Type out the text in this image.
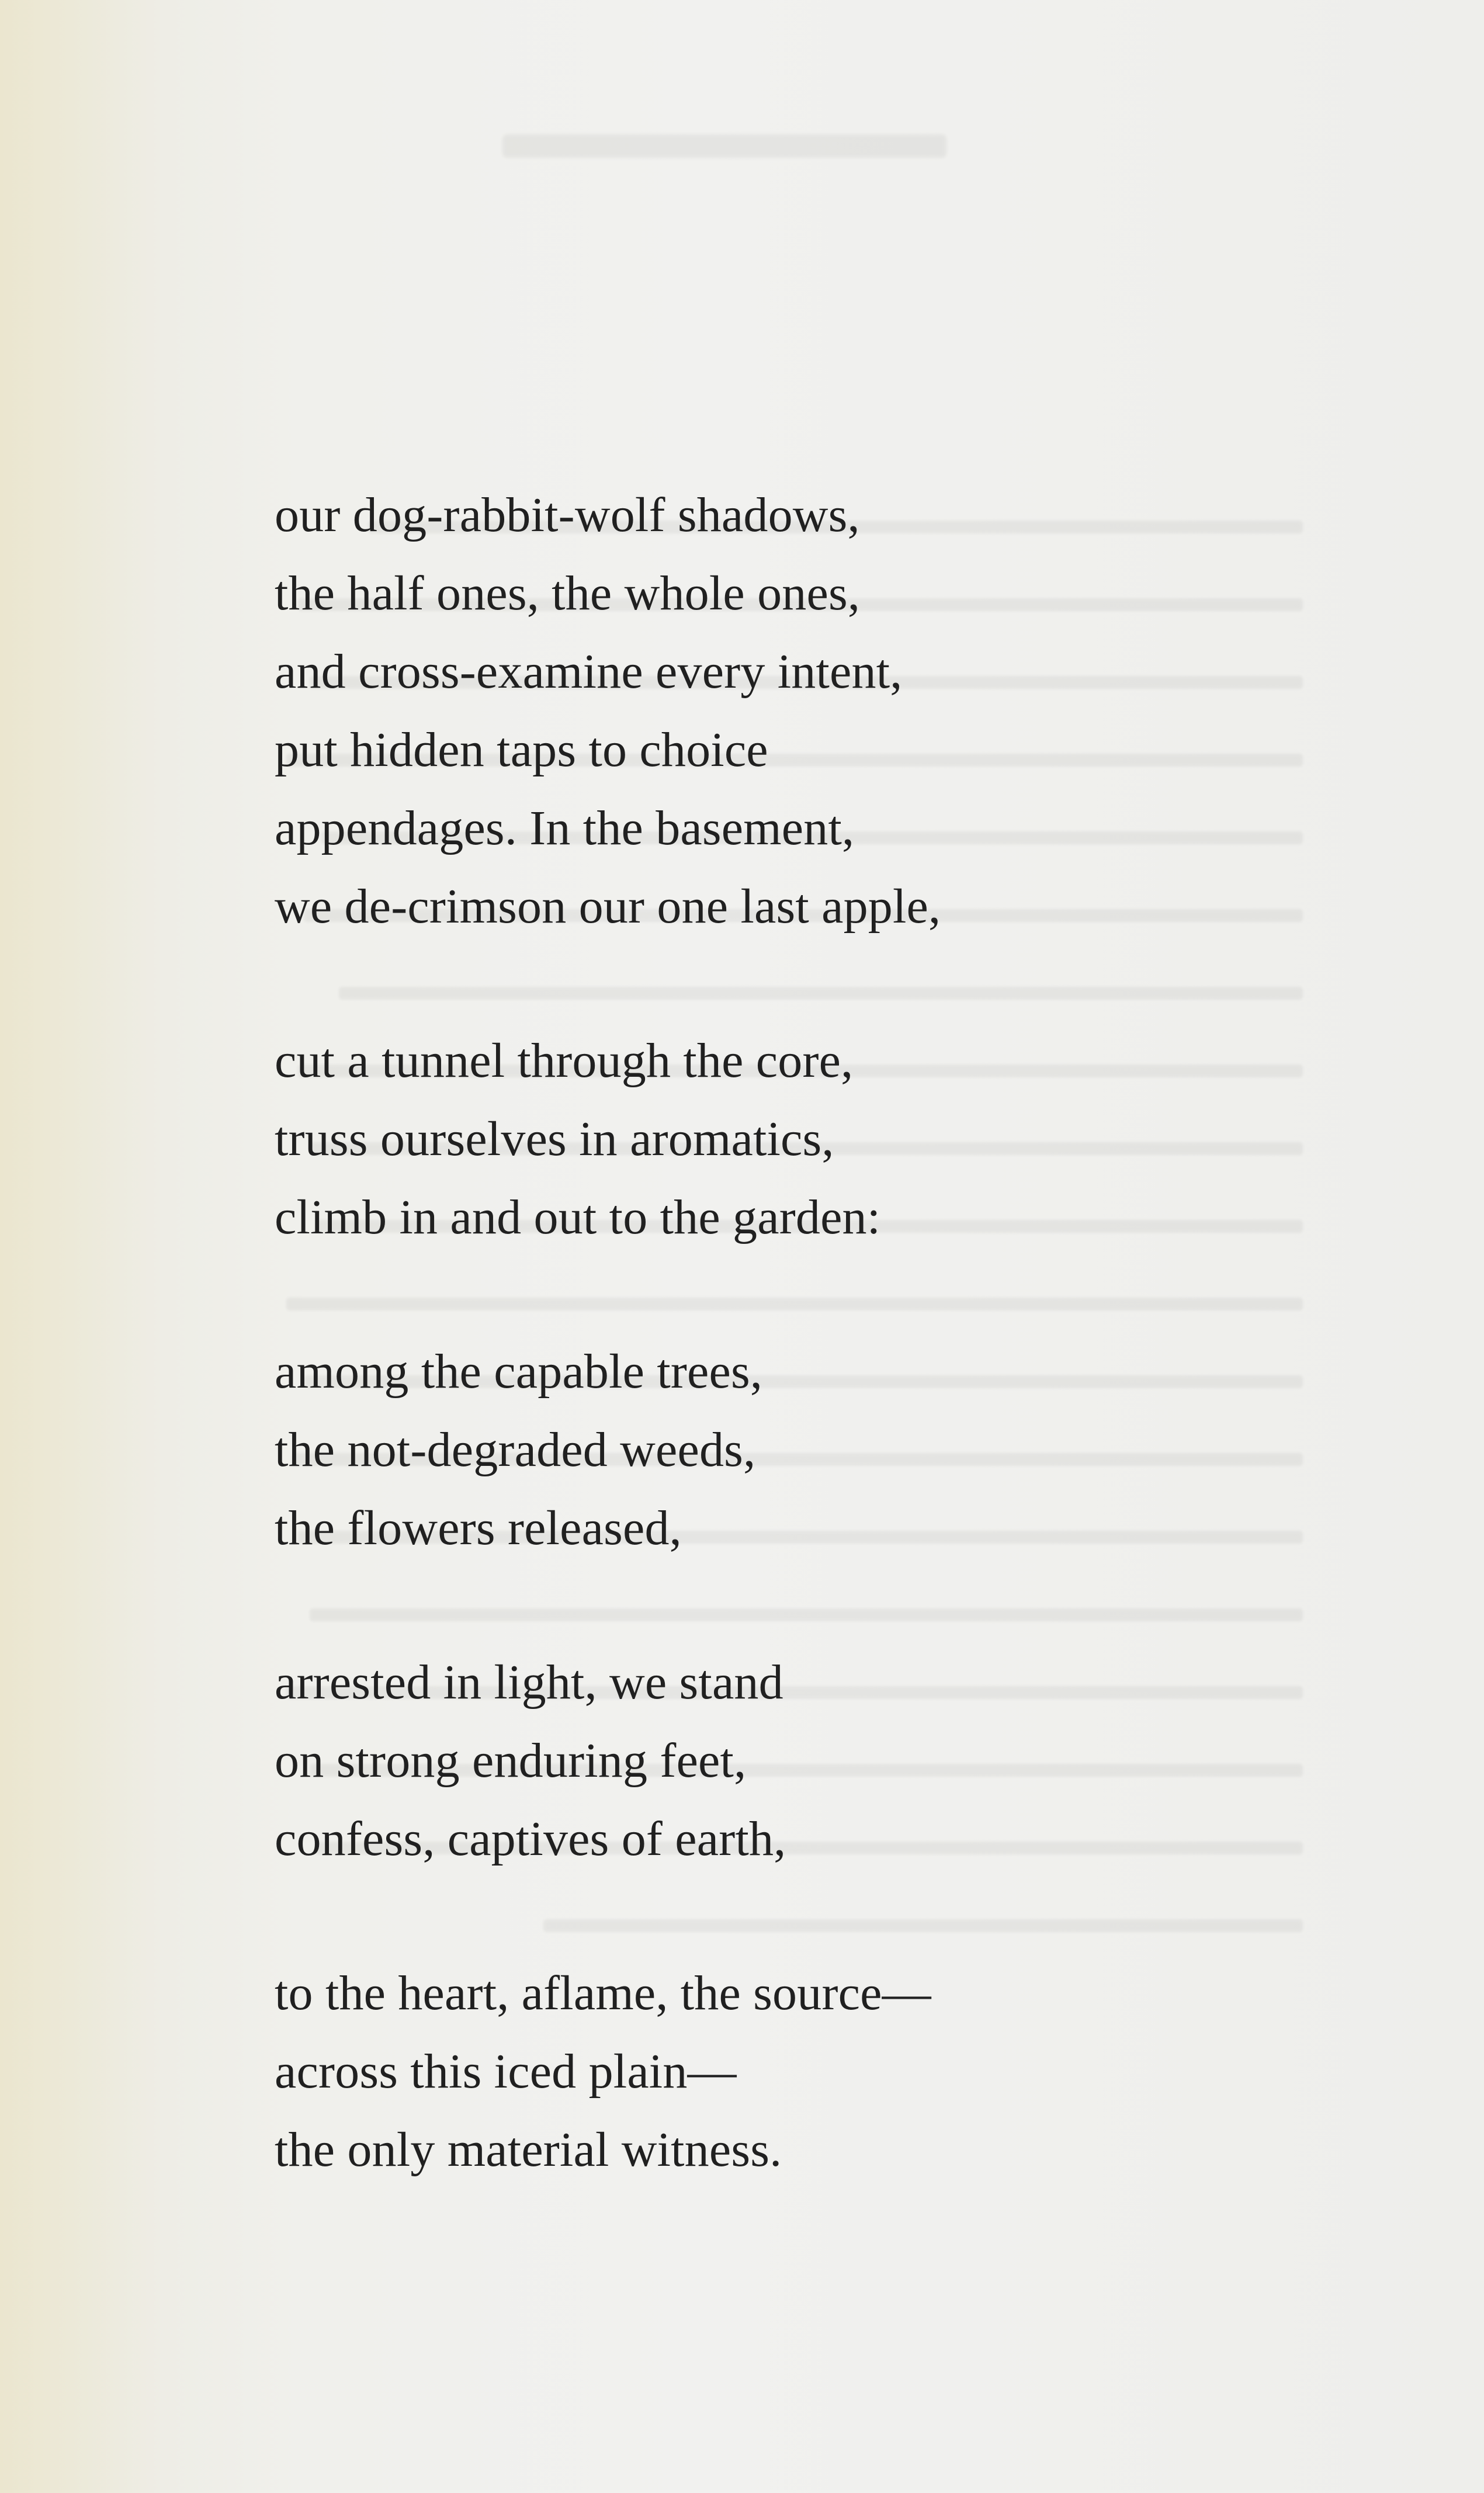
our dog-rabbit-wolf shadows,
the half ones, the whole ones,
and cross-examine every intent,
put hidden taps to choice
appendages. In the basement,
we de-crimson our one last apple,
cut a tunnel through the core,
truss ourselves in aromatics,
climb in and out to the garden:
among the capable trees,
the not-degraded weeds,
the flowers released,
arrested in light, we stand
on strong enduring feet,
confess, captives of earth,
to the heart, aflame, the source—
across this iced plain—
the only material witness.
